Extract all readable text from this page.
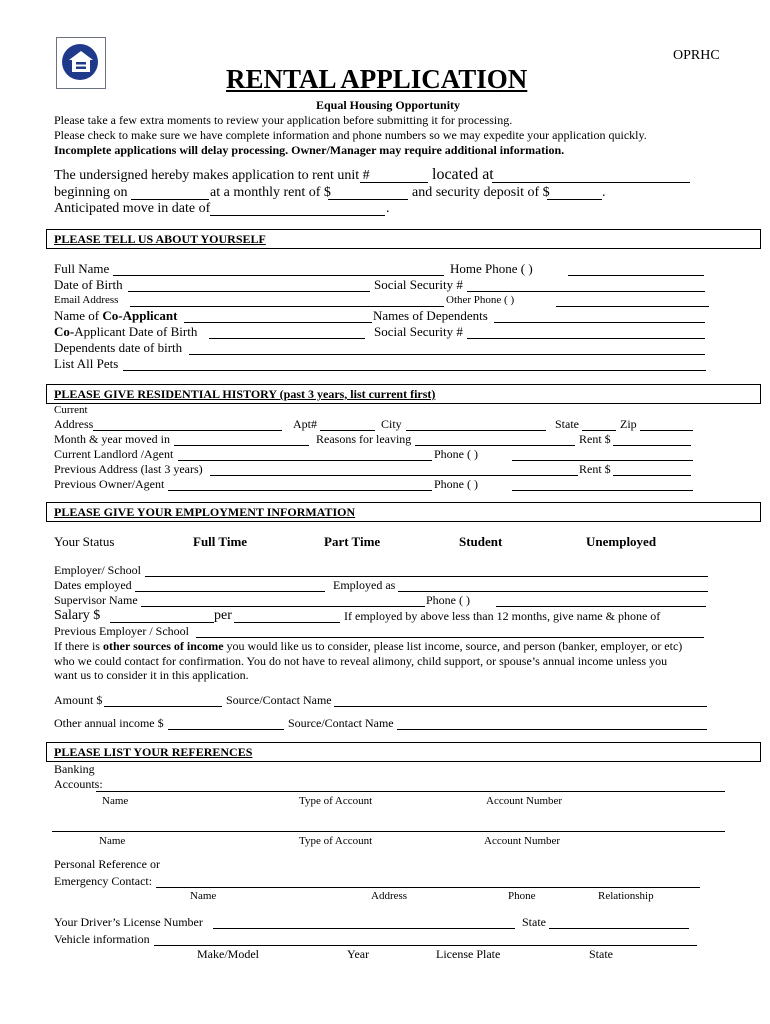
OPRHC
RENTAL APPLICATION
Equal Housing Opportunity
Please take a few extra moments to review your application before submitting it for processing.
Please check to make sure we have complete information and phone numbers so we may expedite your application quickly.
Incomplete applications will delay processing. Owner/Manager may require additional information.
The undersigned hereby makes application to rent unit #	located at
beginning on	at a monthly rent of $	and security deposit of $	.
Anticipated move in date of	.
PLEASE TELL US ABOUT YOURSELF
Full Name	Home Phone ( )
Date of Birth	Social Security #
Email Address	Other Phone ( )
Name of Co-Applicant	Names of Dependents
Co-Applicant Date of Birth	Social Security #
Dependents date of birth
List All Pets
PLEASE GIVE RESIDENTIAL HISTORY (past 3 years, list current first)
Current
Address	Apt#	City	State	Zip
Month & year moved in	Reasons for leaving	Rent $
Current Landlord /Agent	Phone ( )
Previous Address (last 3 years)	Rent $
Previous Owner/Agent	Phone ( )
PLEASE GIVE YOUR EMPLOYMENT INFORMATION
Your Status	Full Time	Part Time	Student	Unemployed
Employer/ School
Dates employed	Employed as
Supervisor Name	Phone ( )
Salary $	per	If employed by above less than 12 months, give name & phone of
Previous Employer / School
If there is other sources of income you would like us to consider, please list income, source, and person (banker, employer, or etc)
who we could contact for confirmation. You do not have to reveal alimony, child support, or spouse’s annual income unless you
want us to consider it in this application.
Amount $	Source/Contact Name
Other annual income $	Source/Contact Name
PLEASE LIST YOUR REFERENCES
Banking
Accounts:
Name	Type of Account	Account Number
Name	Type of Account	Account Number
Personal Reference or
Emergency Contact:
Name	Address	Phone	Relationship
Your Driver’s License Number	State
Vehicle information
Make/Model	Year	License Plate	State
